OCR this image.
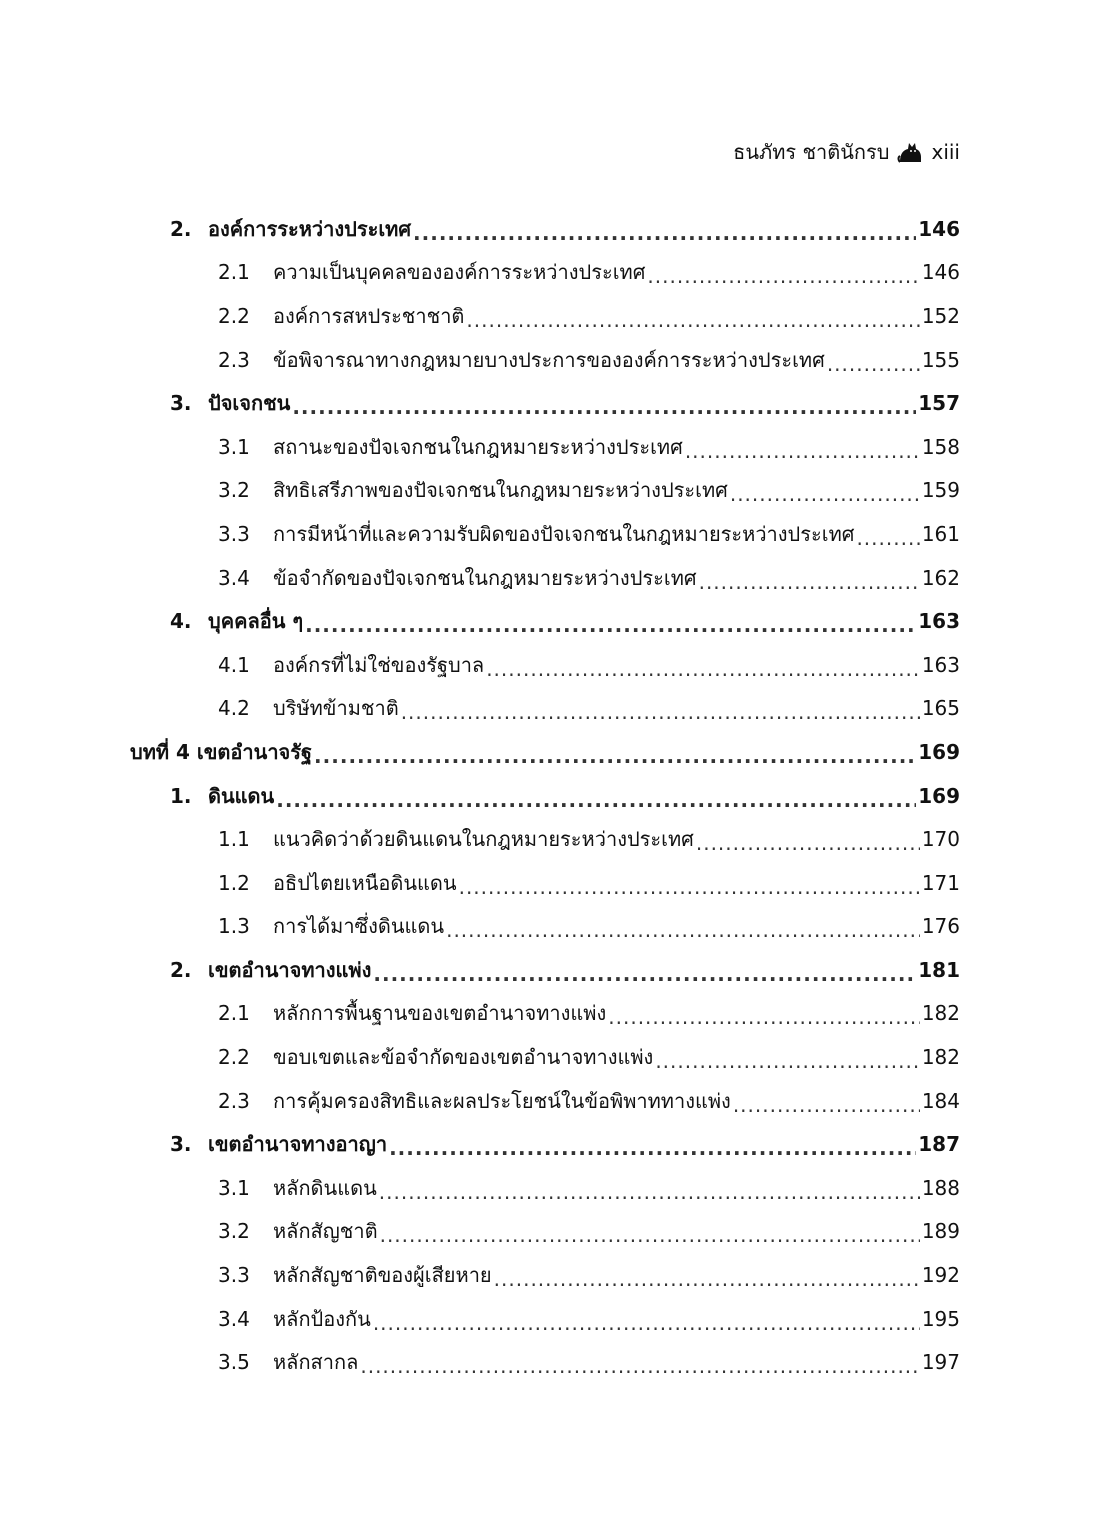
ธนภัทร ชาตินักรบ xiii
2. องค์การระหว่างประเทศ .....	146
2.1	ความเป็นบุคคลขององค์การระหว่างประเทศ .....	146
2.2	องค์การสหประชาชาติ .....	152
2.3	ข้อพิจารณาทางกฎหมายบางประการขององค์การระหว่างประเทศ .....	155
3. ปัจเจกชน .....	157
3.1	สถานะของปัจเจกชนในกฎหมายระหว่างประเทศ .....	158
3.2	สิทธิเสรีภาพของปัจเจกชนในกฎหมายระหว่างประเทศ .....	159
3.3	การมีหน้าที่และความรับผิดของปัจเจกชนในกฎหมายระหว่างประเทศ .....	161
3.4	ข้อจำกัดของปัจเจกชนในกฎหมายระหว่างประเทศ .....	162
4. บุคคลอื่น ๆ .....	163
4.1	องค์กรที่ไม่ใช่ของรัฐบาล .....	163
4.2	บริษัทข้ามชาติ .....	165
บทที่ 4 เขตอำนาจรัฐ .....	169
1. ดินแดน .....	169
1.1	แนวคิดว่าด้วยดินแดนในกฎหมายระหว่างประเทศ .....	170
1.2	อธิปไตยเหนือดินแดน .....	171
1.3	การได้มาซึ่งดินแดน .....	176
2. เขตอำนาจทางแพ่ง .....	181
2.1	หลักการพื้นฐานของเขตอำนาจทางแพ่ง .....	182
2.2	ขอบเขตและข้อจำกัดของเขตอำนาจทางแพ่ง .....	182
2.3	การคุ้มครองสิทธิและผลประโยชน์ในข้อพิพาททางแพ่ง .....	184
3. เขตอำนาจทางอาญา .....	187
3.1	หลักดินแดน .....	188
3.2	หลักสัญชาติ .....	189
3.3	หลักสัญชาติของผู้เสียหาย .....	192
3.4	หลักป้องกัน .....	195
3.5	หลักสากล .....	197
